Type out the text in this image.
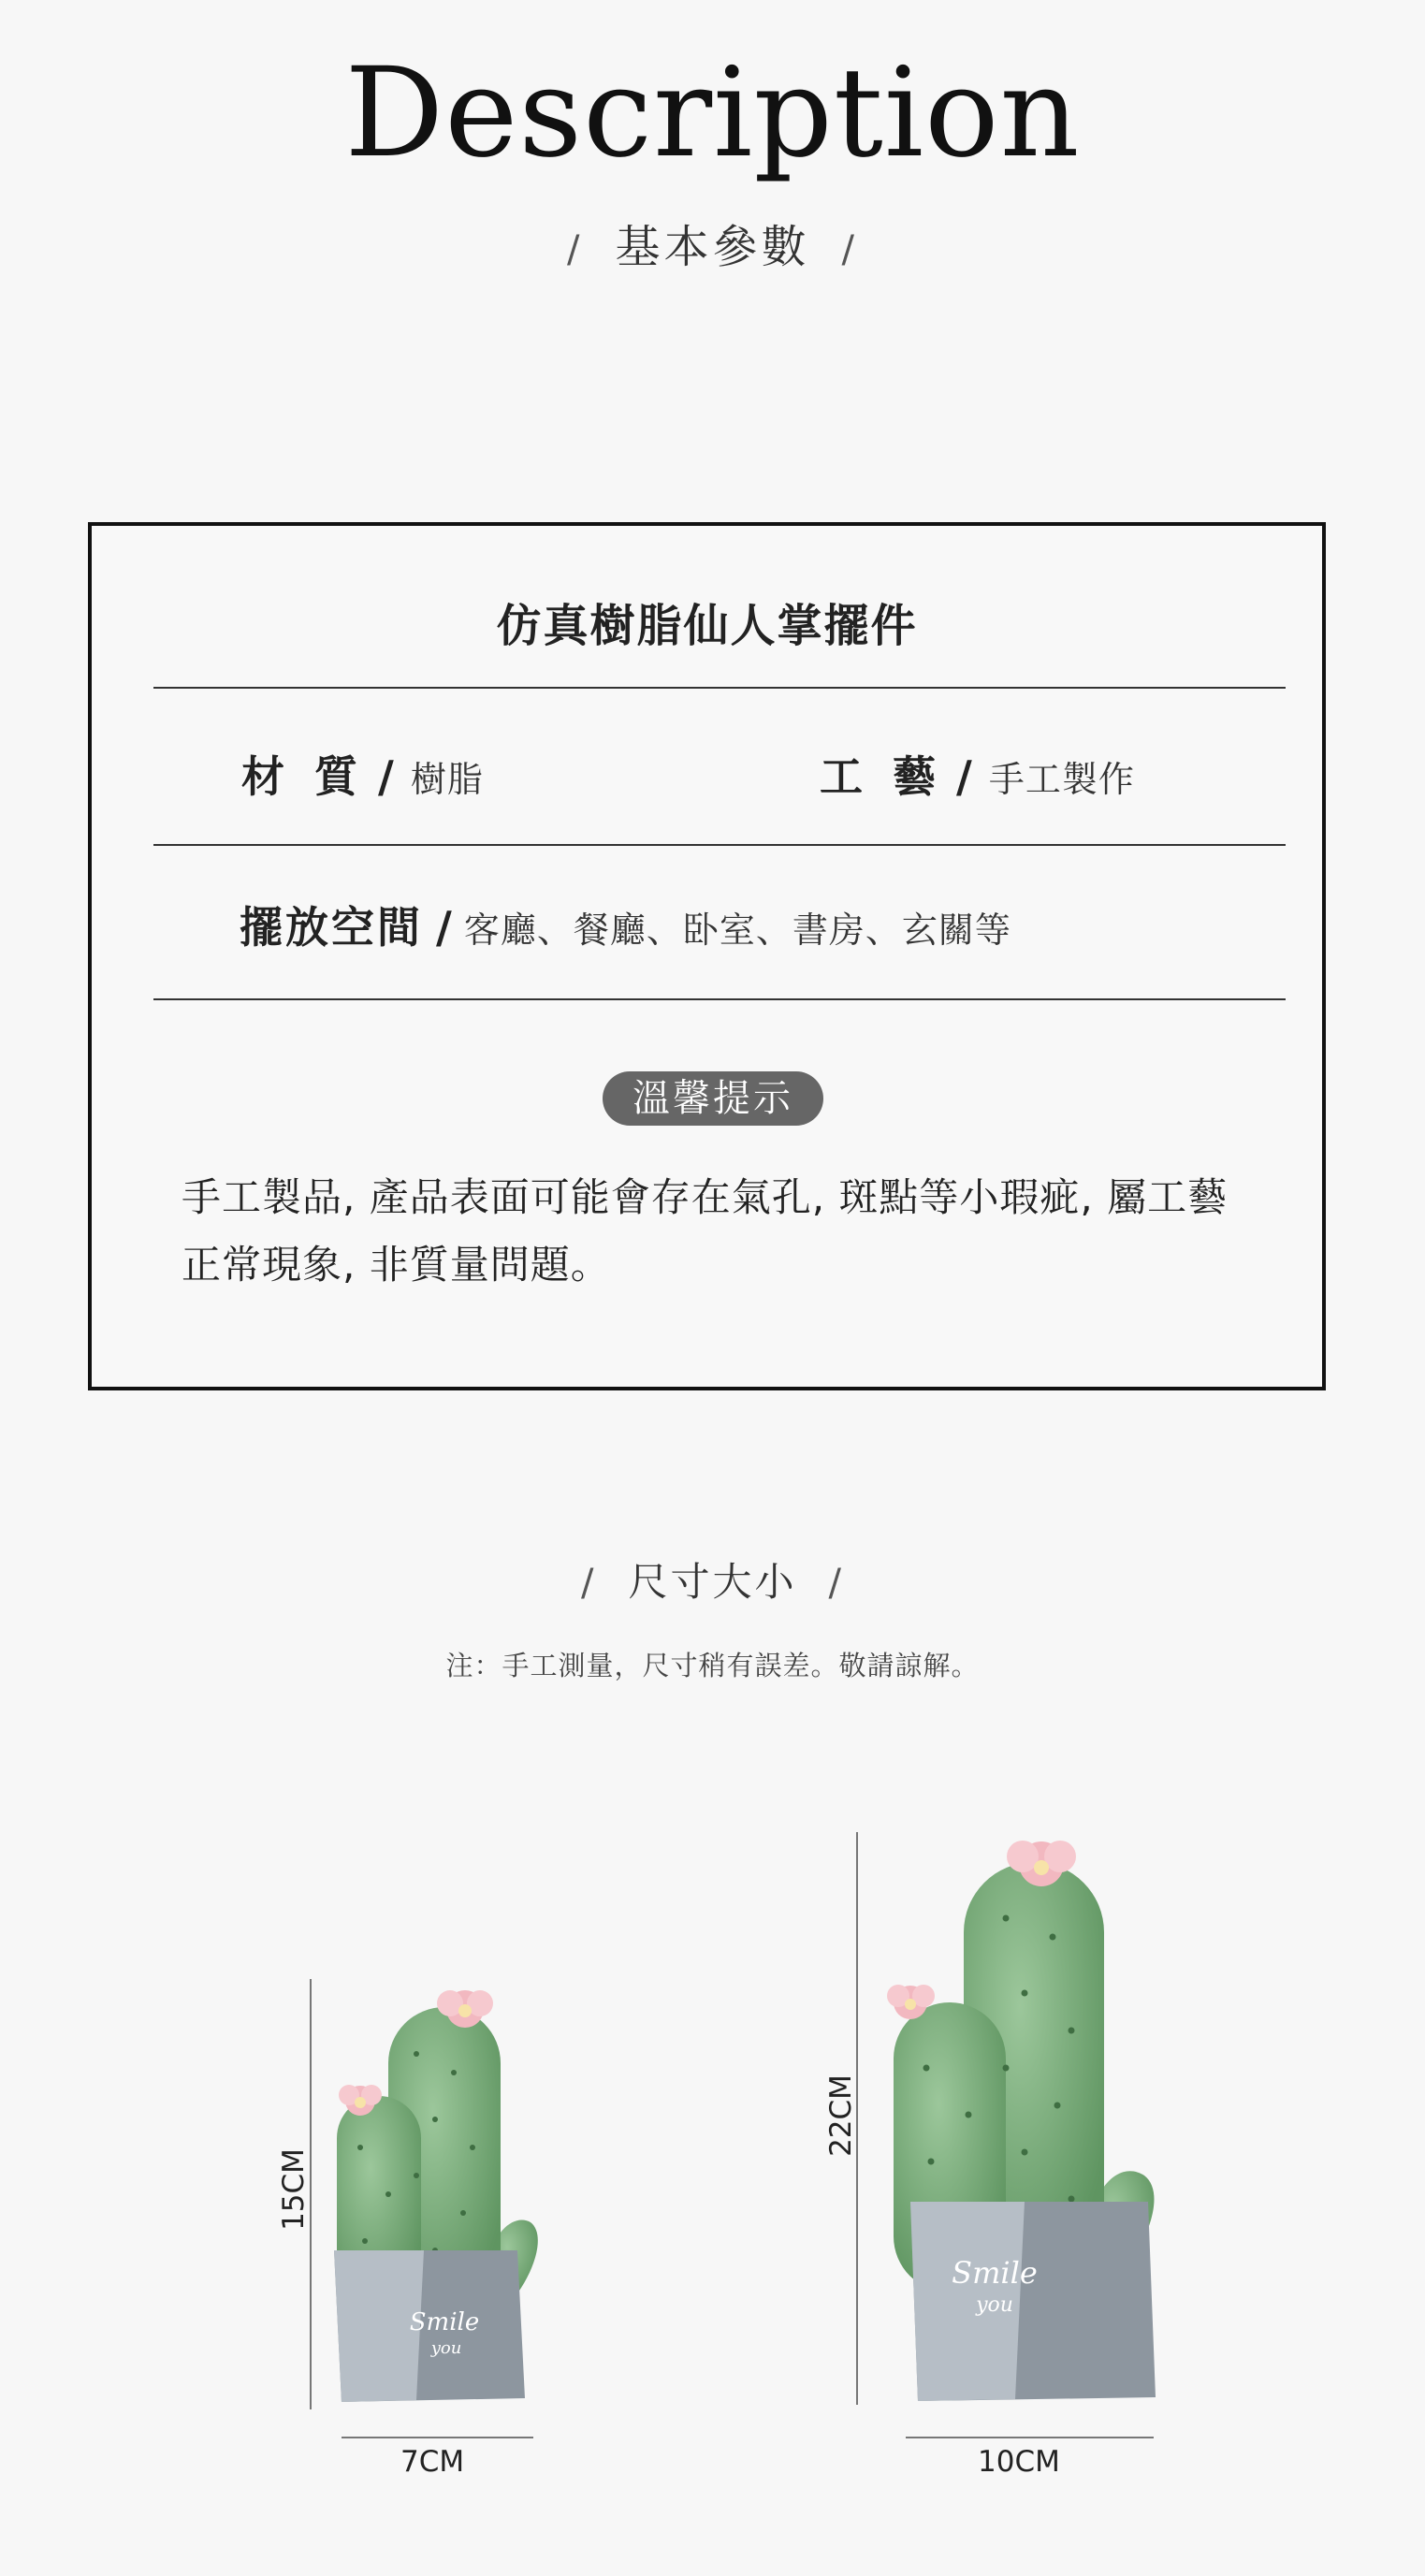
Description
/ 基本參數 /
仿真樹脂仙人掌擺件
材 質 / 樹脂	工 藝 / 手工製作
擺放空間 / 客廳、餐廳、卧室、書房、玄關等
溫馨提示
手工製品, 產品表面可能會存在氣孔, 斑點等小瑕疵, 屬工藝
正常現象, 非質量問題。
/ 尺寸大小 /
注：手工測量，尺寸稍有誤差。敬請諒解。
15CM
7CM
Smile
you
22CM
10CM
Smile
you
